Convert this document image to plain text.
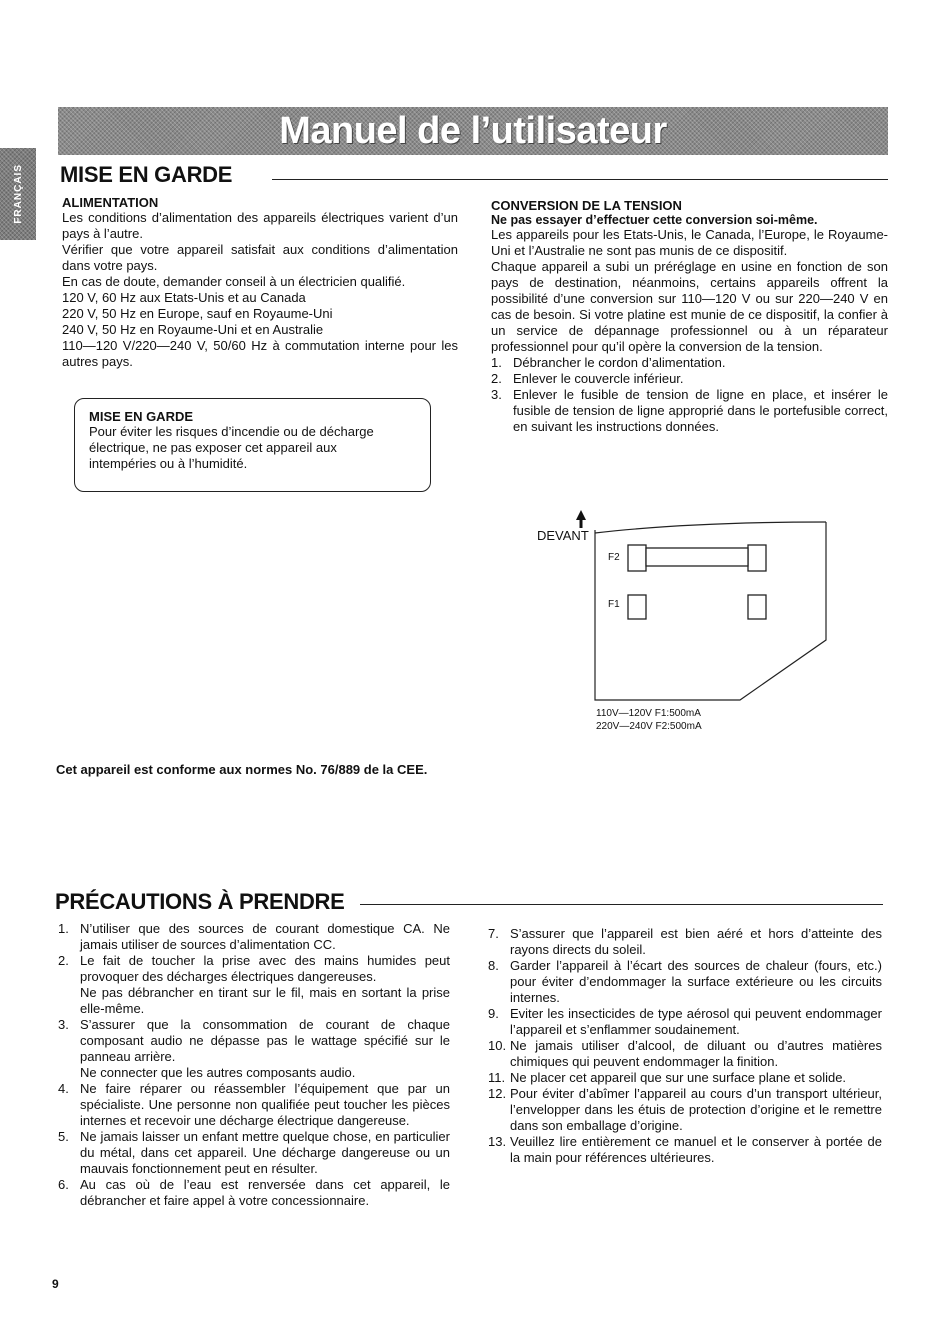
Manuel de l’utilisateur
FRANÇAIS MISE EN GARDE
ALIMENTATION

Les conditions d’alimentation des appareils électriques varient d’un pays à l’autre.

Vérifier que votre appareil satisfait aux conditions d’alimentation dans votre pays.

En cas de doute, demander conseil à un électricien qualifié.

120 V, 60 Hz aux Etats-Unis et au Canada

220 V, 50 Hz en Europe, sauf en Royaume-Uni

240 V, 50 Hz en Royaume-Uni et en Australie

110—120 V/220—240 V, 50/60 Hz à commutation interne pour les autres pays.

MISE EN GARDE

Pour éviter les risques d’incendie ou de décharge électrique, ne pas exposer cet appareil aux intempéries ou à l’humidité.

Cet appareil est conforme aux normes No. 76/889 de la CEE.
CONVERSION DE LA TENSION
Ne pas essayer d’effectuer cette conversion soi-même.

Les appareils pour les Etats-Unis, le Canada, l’Europe, le Royaume-Uni et l’Australie ne sont pas munis de ce dispositif.

Chaque appareil a subi un préréglage en usine en fonction de son pays de destination, néanmoins, certains appareils offrent la possibilité d’une conversion sur 110—120 V ou sur 220—240 V en cas de besoin. Si votre platine est munie de ce dispositif, la confier à un service de dépannage professionnel ou à un réparateur professionnel pour qu’il opère la conversion de la tension.

1. Débrancher le cordon d’alimentation.
2. Enlever le couvercle inférieur.
3. Enlever le fusible de tension de ligne en place, et insérer le fusible de tension de ligne approprié dans le portefusible correct, en suivant les instructions données.
DEVANT
F2
F1
110V—120V F1:500mA
220V—240V F2:500mA
PRÉCAUTIONS À PRENDRE
1. N’utiliser que des sources de courant domestique CA. Ne jamais utiliser de sources d’alimentation CC.
2. Le fait de toucher la prise avec des mains humides peut provoquer des décharges électriques dangereuses.
Ne pas débrancher en tirant sur le fil, mais en sortant la prise elle-même.
3. S’assurer que la consommation de courant de chaque composant audio ne dépasse pas le wattage spécifié sur le panneau arrière.
Ne connecter que les autres composants audio.
4. Ne faire réparer ou réassembler l’équipement que par un spécialiste. Une personne non qualifiée peut toucher les pièces internes et recevoir une décharge électrique dangereuse.
5. Ne jamais laisser un enfant mettre quelque chose, en particulier du métal, dans cet appareil. Une décharge dangereuse ou un mauvais fonctionnement peut en résulter.
6. Au cas où de l’eau est renversée dans cet appareil, le débrancher et faire appel à votre concessionnaire.
7. S’assurer que l’appareil est bien aéré et hors d’atteinte des rayons directs du soleil.
8. Garder l’appareil à l’écart des sources de chaleur (fours, etc.) pour éviter d’endommager la surface extérieure ou les circuits internes.
9. Eviter les insecticides de type aérosol qui peuvent endommager l’appareil et s’enflammer soudainement.
10. Ne jamais utiliser d’alcool, de diluant ou d’autres matières chimiques qui peuvent endommager la finition.
11. Ne placer cet appareil que sur une surface plane et solide.
12. Pour éviter d’abîmer l’appareil au cours d’un transport ultérieur, l’envelopper dans les étuis de protection d’origine et le remettre dans son emballage d’origine.
13. Veuillez lire entièrement ce manuel et le conserver à portée de la main pour références ultérieures.
9
